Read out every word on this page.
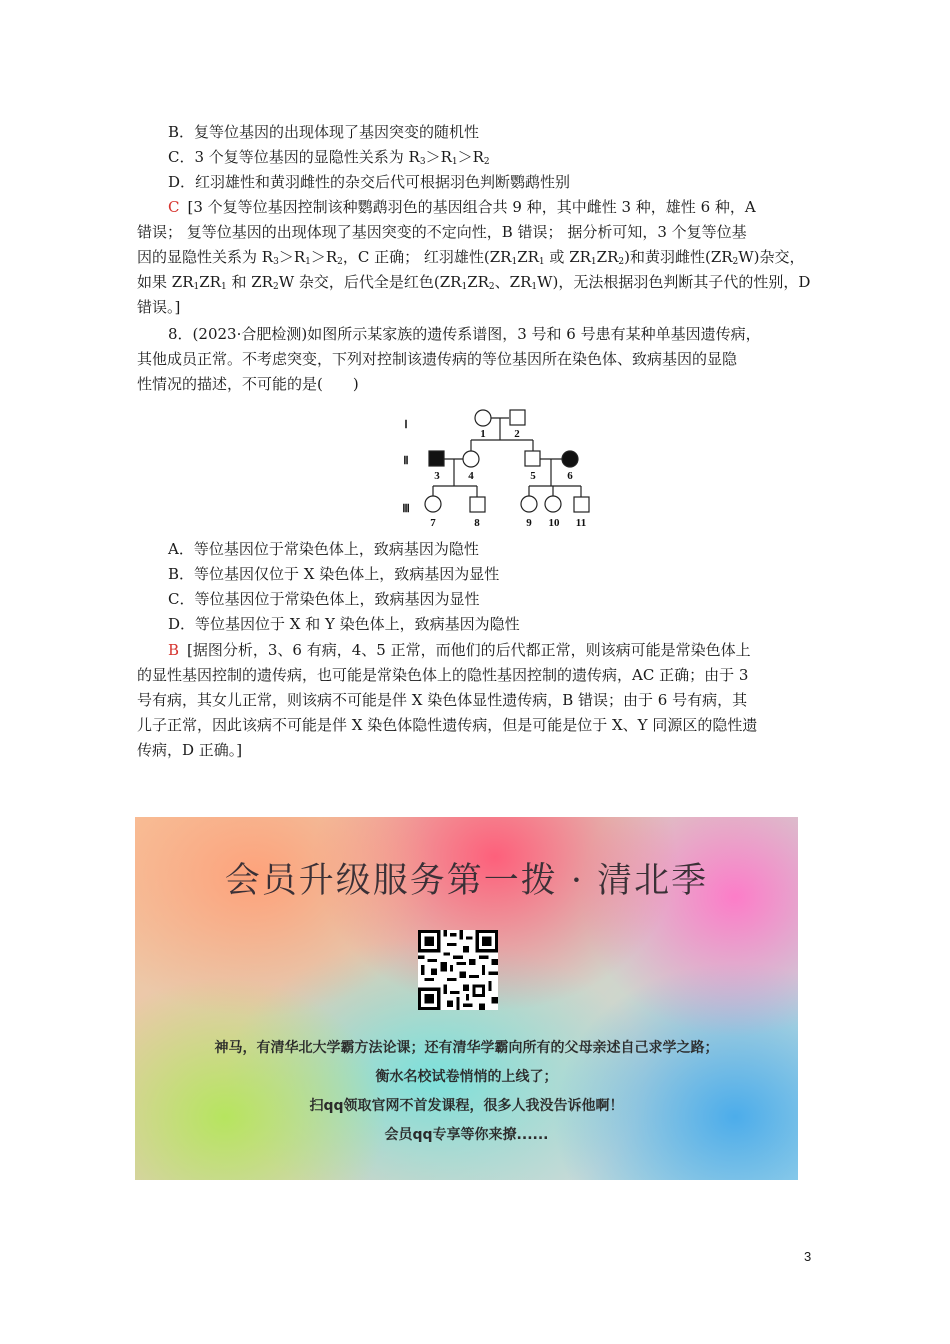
B．复等位基因的出现体现了基因突变的随机性
C．3 个复等位基因的显隐性关系为 $R_3>R_1>R_2$
D．红羽雄性和黄羽雌性的杂交后代可根据羽色判断鹦鹉性别
C [3 个复等位基因控制该种鹦鹉羽色的基因组合共 9 种，其中雌性 3 种，雄性 6 种，A
错误； 复等位基因的出现体现了基因突变的不定向性，B 错误； 据分析可知，3 个复等位基
因的显隐性关系为 $R_3>R_1>R_2$，C 正确； 红羽雄性($ZR_1ZR_1$ 或 $ZR_1ZR_2$)和黄羽雌性$(ZR_2W)$杂交，
如果 $ZR_1ZR_1$ 和 $ZR_2W$ 杂交，后代全是红色($ZR_1ZR_2$、$ZR_1W$)，无法根据羽色判断其子代的性别，D
错误。]
8．(2023·合肥检测)如图所示某家族的遗传系谱图，3 号和 6 号患有某种单基因遗传病，
其他成员正常。不考虑突变，下列对控制该遗传病的等位基因所在染色体、致病基因的显隐
性情况的描述，不可能的是(　　)
Ⅰ
Ⅱ
Ⅲ
1	2
3	4	5	6
7	8	9 10 11
A．等位基因位于常染色体上，致病基因为隐性
B．等位基因仅位于 X 染色体上，致病基因为显性
C．等位基因位于常染色体上，致病基因为显性
D．等位基因位于 X 和 Y 染色体上，致病基因为隐性
B [据图分析，3、6 有病，4、5 正常，而他们的后代都正常，则该病可能是常染色体上
的显性基因控制的遗传病，也可能是常染色体上的隐性基因控制的遗传病，AC 正确；由于 3
号有病，其女儿正常，则该病不可能是伴 X 染色体显性遗传病，B 错误；由于 6 号有病，其
儿子正常，因此该病不可能是伴 X 染色体隐性遗传病，但是可能是位于 X、Y 同源区的隐性遗
传病，D 正确。]
会员升级服务第一拨 · 清北季
神马，有清华北大学霸方法论课；还有清华学霸向所有的父母亲述自己求学之路；
衡水名校试卷悄悄的上线了；
扫qq领取官网不首发课程，很多人我没告诉他啊！
会员qq专享等你来撩......
3
